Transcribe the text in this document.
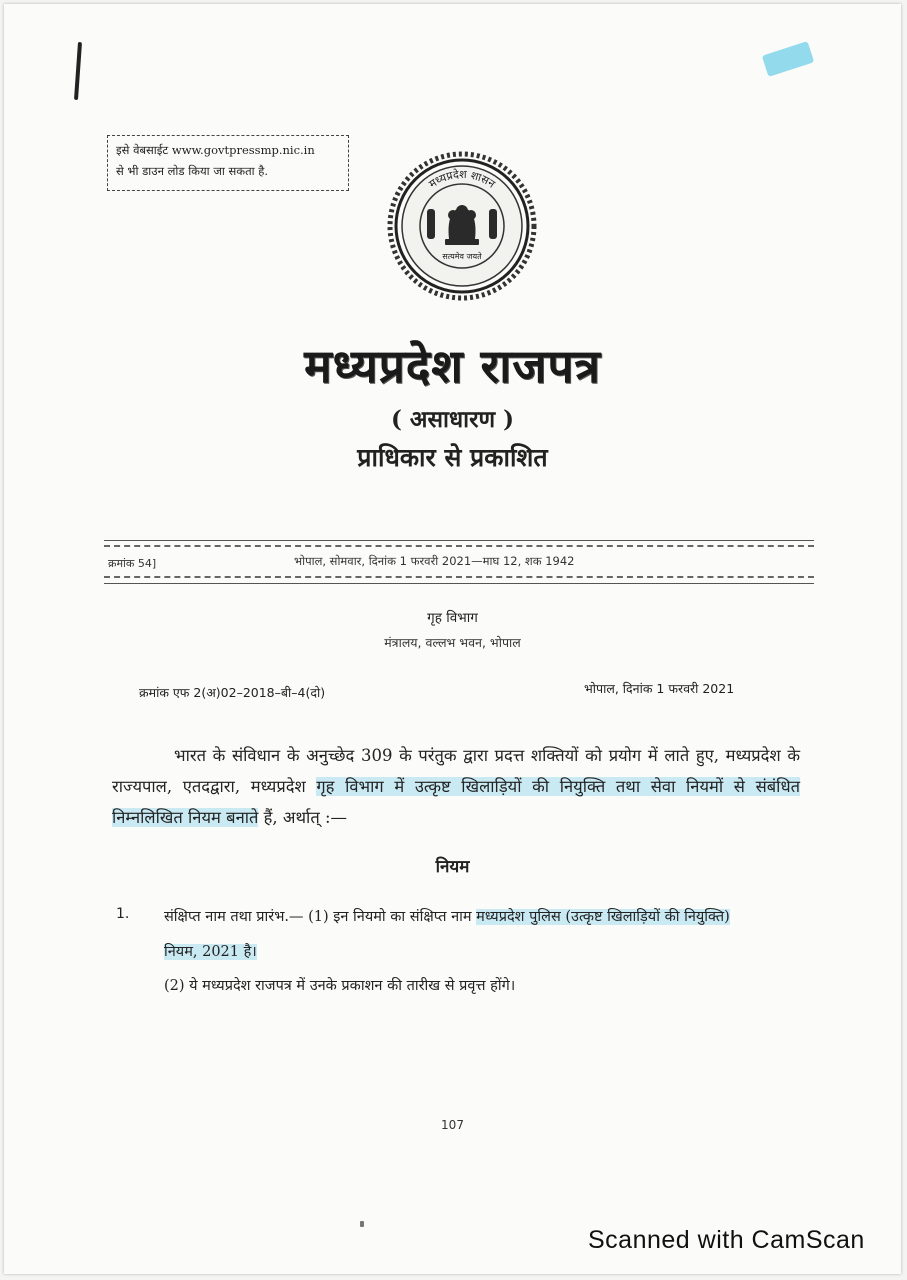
इसे वेबसाईट www.govtpressmp.nic.in
से भी डाउन लोड किया जा सकता है.
मध्यप्रदेश शासन
सत्यमेव जयते
मध्यप्रदेश राजपत्र
( असाधारण )
प्राधिकार से प्रकाशित
क्रमांक 54]	भोपाल, सोमवार, दिनांक 1 फरवरी 2021—माघ 12, शक 1942
गृह विभाग
मंत्रालय, वल्लभ भवन, भोपाल
क्रमांक एफ 2(अ)02–2018–बी–4(दो)	भोपाल, दिनांक 1 फरवरी 2021
भारत के संविधान के अनुच्छेद 309 के परंतुक द्वारा प्रदत्त शक्तियों को प्रयोग में लाते हुए, मध्यप्रदेश के राज्यपाल, एतदद्वारा, मध्यप्रदेश गृह विभाग में उत्कृष्ट खिलाड़ियों की नियुक्ति तथा सेवा नियमों से संबंधित निम्नलिखित नियम बनाते हैं, अर्थात् :—
नियम
1. संक्षिप्त नाम तथा प्रारंभ.— (1) इन नियमो का संक्षिप्त नाम मध्यप्रदेश पुलिस (उत्कृष्ट खिलाड़ियों की नियुक्ति) नियम, 2021 है।
(2) ये मध्यप्रदेश राजपत्र में उनके प्रकाशन की तारीख से प्रवृत्त होंगे।
107
Scanned with CamScan
